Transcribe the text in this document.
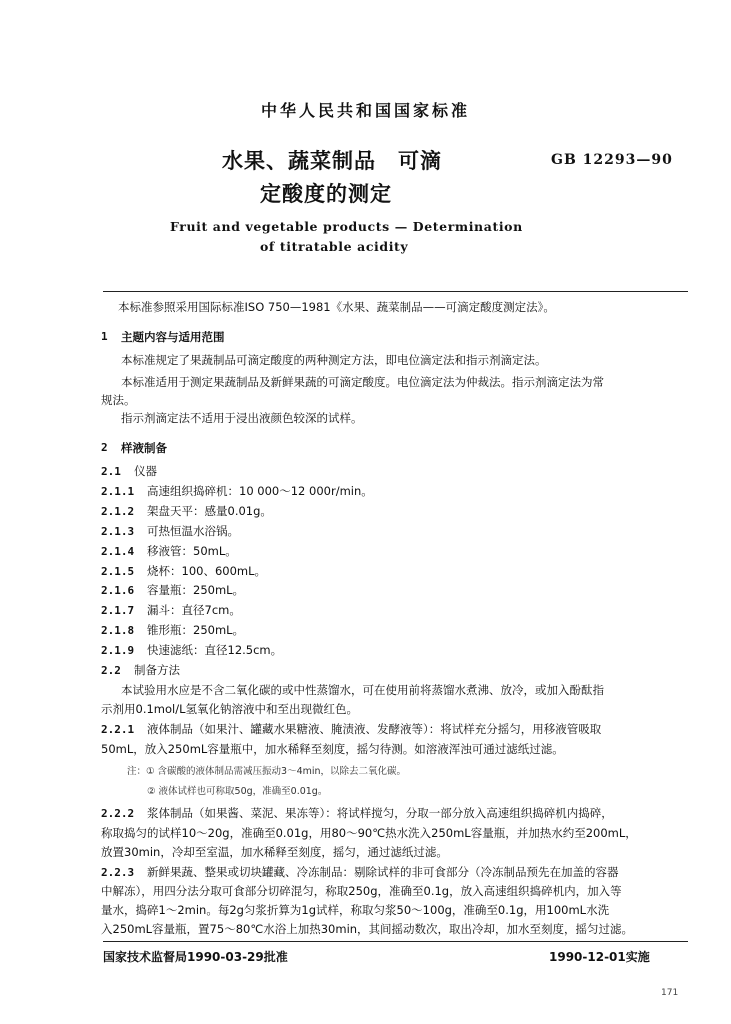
中华人民共和国国家标准
水果、蔬菜制品　可滴
定酸度的测定
GB 12293—90
Fruit and vegetable products — Determination
of titratable acidity
本标准参照采用国际标准ISO 750—1981《水果、蔬菜制品——可滴定酸度测定法》。
1 主题内容与适用范围
本标准规定了果蔬制品可滴定酸度的两种测定方法，即电位滴定法和指示剂滴定法。
本标准适用于测定果蔬制品及新鲜果蔬的可滴定酸度。电位滴定法为仲裁法。指示剂滴定法为常
规法。
指示剂滴定法不适用于浸出液颜色较深的试样。
2 样液制备
2.1 仪器
2.1.1 高速组织捣碎机：10 000～12 000r/min。
2.1.2 架盘天平：感量0.01g。
2.1.3 可热恒温水浴锅。
2.1.4 移液管：50mL。
2.1.5 烧杯：100、600mL。
2.1.6 容量瓶：250mL。
2.1.7 漏斗：直径7cm。
2.1.8 锥形瓶：250mL。
2.1.9 快速滤纸：直径12.5cm。
2.2 制备方法
本试验用水应是不含二氧化碳的或中性蒸馏水，可在使用前将蒸馏水煮沸、放冷，或加入酚酞指
示剂用0.1mol/L氢氧化钠溶液中和至出现微红色。
2.2.1 液体制品（如果汁、罐藏水果糖液、腌渍液、发酵液等）：将试样充分摇匀，用移液管吸取
50mL，放入250mL容量瓶中，加水稀释至刻度，摇匀待测。如溶液浑浊可通过滤纸过滤。
注：① 含碳酸的液体制品需减压振动3～4min，以除去二氧化碳。
② 液体试样也可称取50g，准确至0.01g。
2.2.2 浆体制品（如果酱、菜泥、果冻等）：将试样搅匀，分取一部分放入高速组织捣碎机内捣碎，
称取捣匀的试样10～20g，准确至0.01g，用80～90℃热水洗入250mL容量瓶，并加热水约至200mL，
放置30min，冷却至室温，加水稀释至刻度，摇匀，通过滤纸过滤。
2.2.3 新鲜果蔬、整果或切块罐藏、冷冻制品：剔除试样的非可食部分（冷冻制品预先在加盖的容器
中解冻），用四分法分取可食部分切碎混匀，称取250g，准确至0.1g，放入高速组织捣碎机内，加入等
量水，捣碎1～2min。每2g匀浆折算为1g试样，称取匀浆50～100g，准确至0.1g，用100mL水洗
入250mL容量瓶，置75～80℃水浴上加热30min，其间摇动数次，取出冷却，加水至刻度，摇匀过滤。
国家技术监督局1990-03-29批准	1990-12-01实施
171
